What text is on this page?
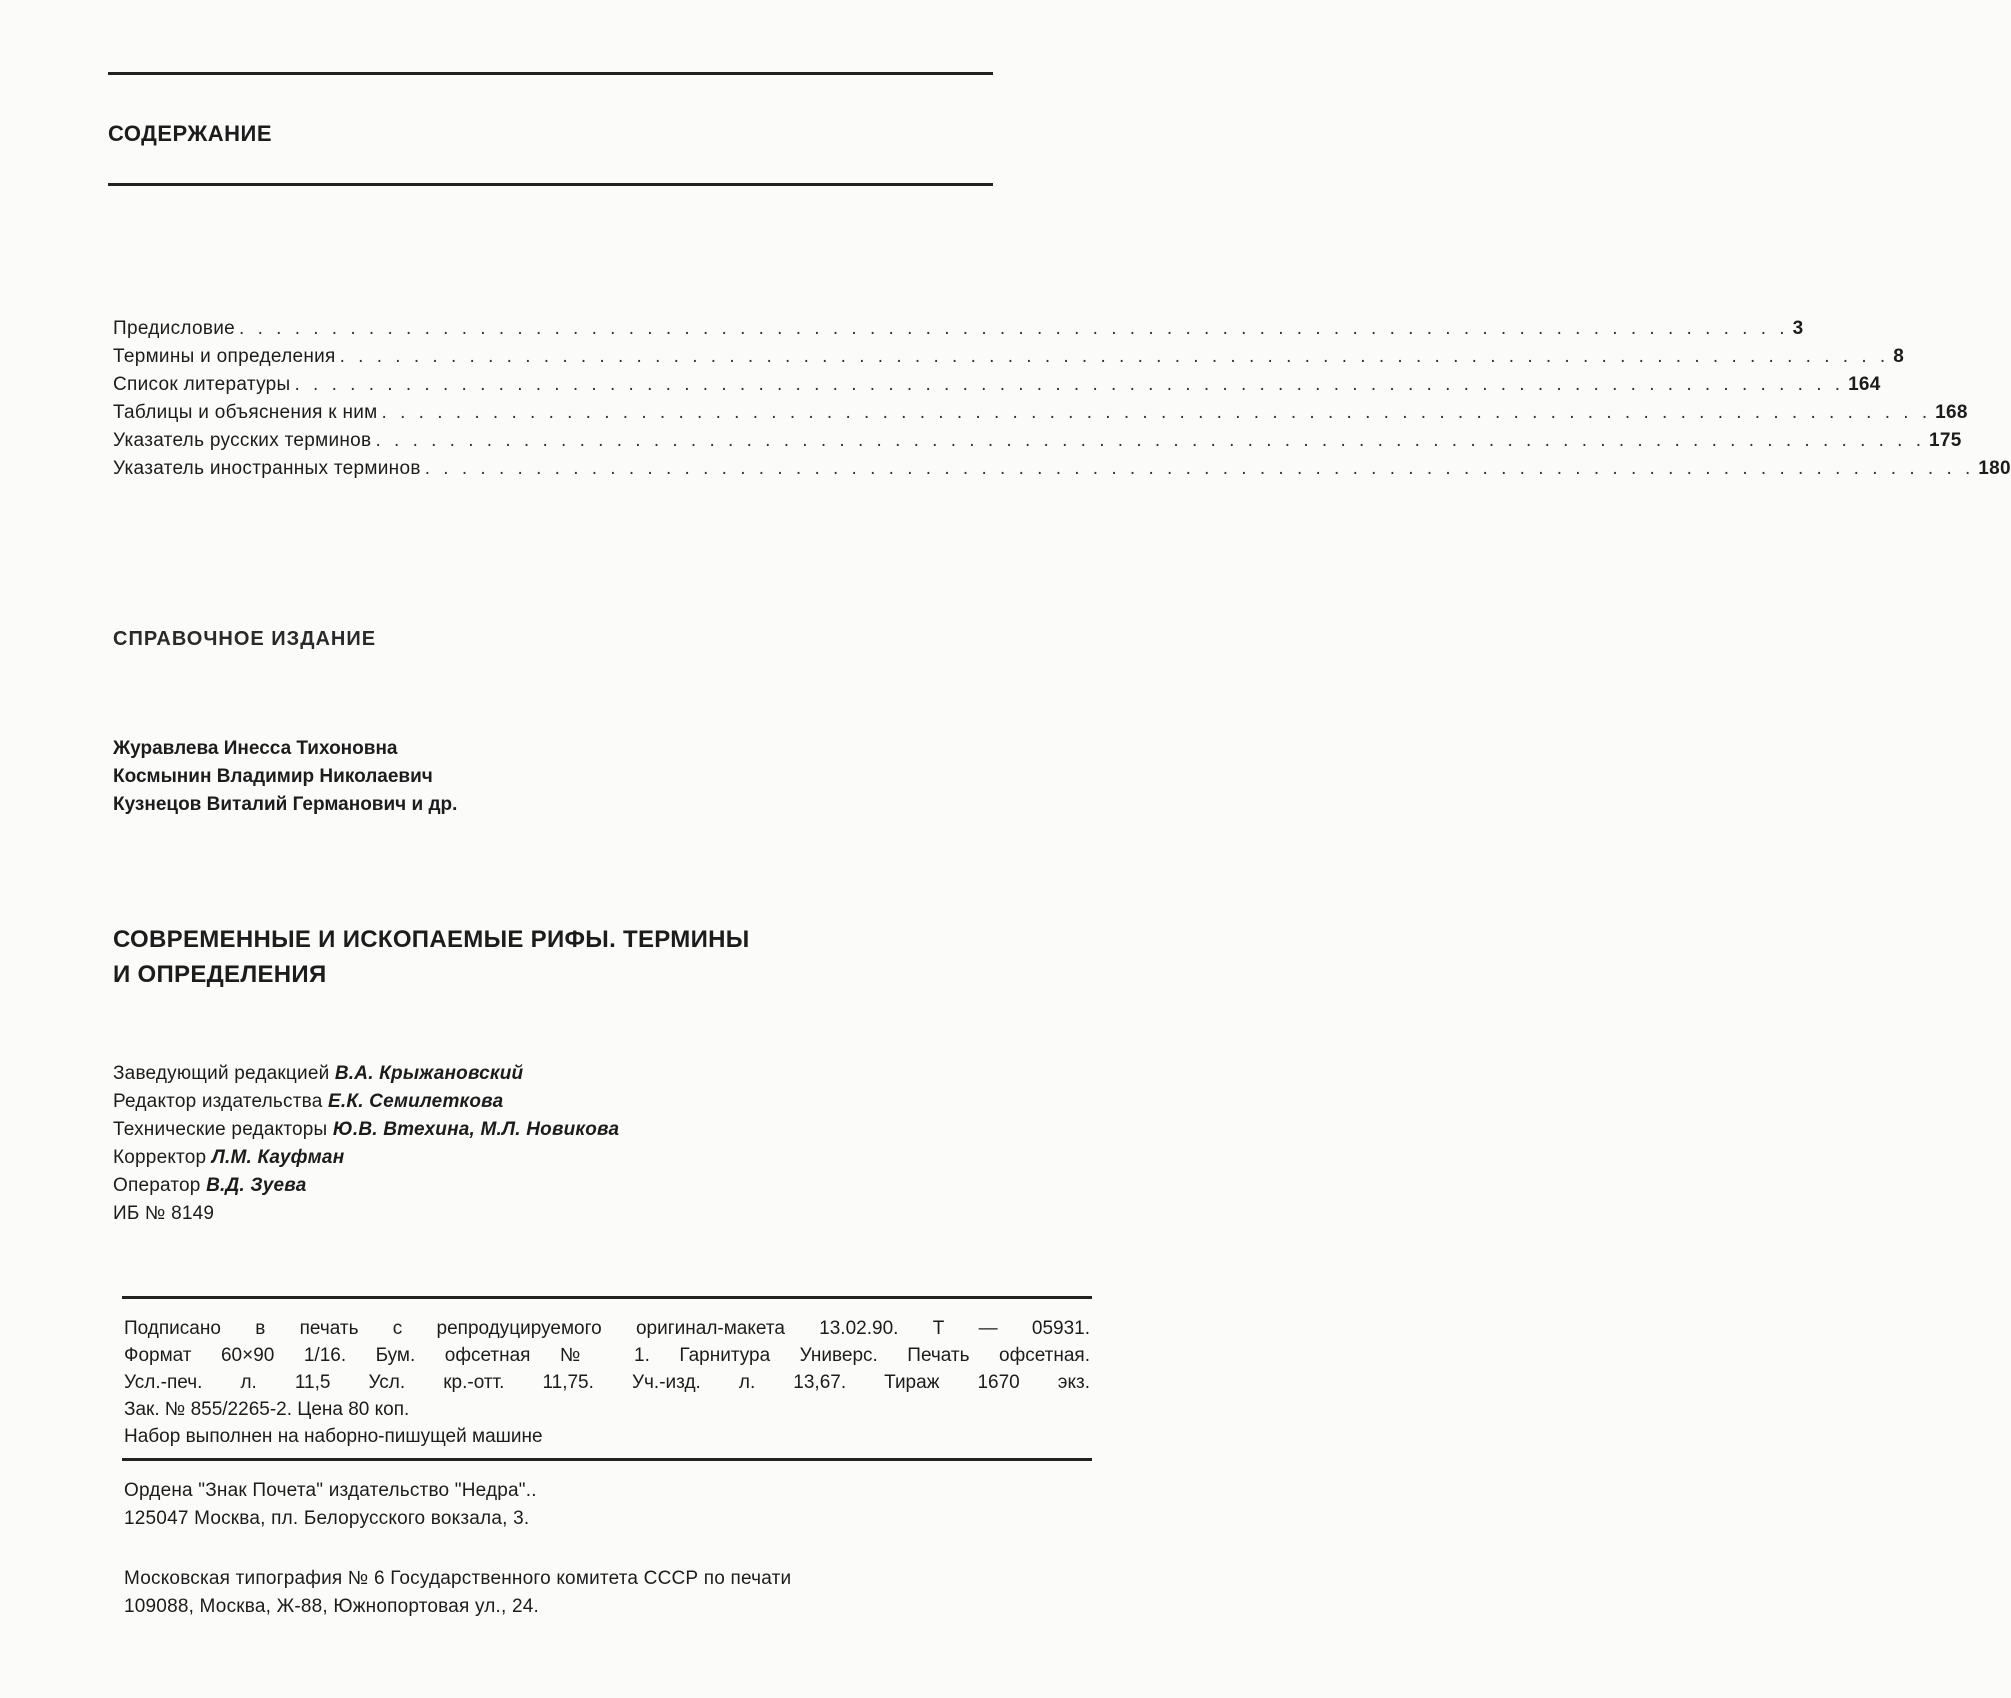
СОДЕРЖАНИЕ
Предисловие . . . . . . . . . . . . . . . . . . . . . . . . . . . . . . . . . . . . . . . . . . . . . . . . . . . . . . . . . . . . . . . . . . . . . . . . . . . . . . . . . . . . 3
Термины и определения . . . . . . . . . . . . . . . . . . . . . . . . . . . . . . . . . . . . . . . . . . . . . . . . . . . . . . . . . . . . . . . . . . . . . . . . . . . . . . . . . . . . 8
Список литературы . . . . . . . . . . . . . . . . . . . . . . . . . . . . . . . . . . . . . . . . . . . . . . . . . . . . . . . . . . . . . . . . . . . . . . . . . . . . . . . . . . . . 164
Таблицы и объяснения к ним . . . . . . . . . . . . . . . . . . . . . . . . . . . . . . . . . . . . . . . . . . . . . . . . . . . . . . . . . . . . . . . . . . . . . . . . . . . . . . . . . . . . 168
Указатель русских терминов . . . . . . . . . . . . . . . . . . . . . . . . . . . . . . . . . . . . . . . . . . . . . . . . . . . . . . . . . . . . . . . . . . . . . . . . . . . . . . . . . . . . 175
Указатель иностранных терминов . . . . . . . . . . . . . . . . . . . . . . . . . . . . . . . . . . . . . . . . . . . . . . . . . . . . . . . . . . . . . . . . . . . . . . . . . . . . . . . . . . . . 180
СПРАВОЧНОЕ ИЗДАНИЕ
Журавлева Инесса Тихоновна
Космынин Владимир Николаевич
Кузнецов Виталий Германович и др.
СОВРЕМЕННЫЕ И ИСКОПАЕМЫЕ РИФЫ. ТЕРМИНЫ
И ОПРЕДЕЛЕНИЯ
Заведующий редакцией В.А. Крыжановский
Редактор издательства Е.К. Семилеткова
Технические редакторы Ю.В. Втехина, М.Л. Новикова
Корректор Л.М. Кауфман
Оператор В.Д. Зуева
ИБ № 8149
Подписано в печать с репродуцируемого оригинал-макета 13.02.90. Т — 05931.
Формат 60×90 1/16. Бум. офсетная № 1. Гарнитура Универс. Печать офсетная.
Усл.-печ. л. 11,5 Усл. кр.-отт. 11,75. Уч.-изд. л. 13,67. Тираж 1670 экз.
Зак. № 855/2265-2. Цена 80 коп.
Набор выполнен на наборно-пишущей машине
Ордена "Знак Почета" издательство "Недра"..
125047 Москва, пл. Белорусского вокзала, 3.
Московская типография № 6 Государственного комитета СССР по печати
109088, Москва, Ж-88, Южнопортовая ул., 24.
